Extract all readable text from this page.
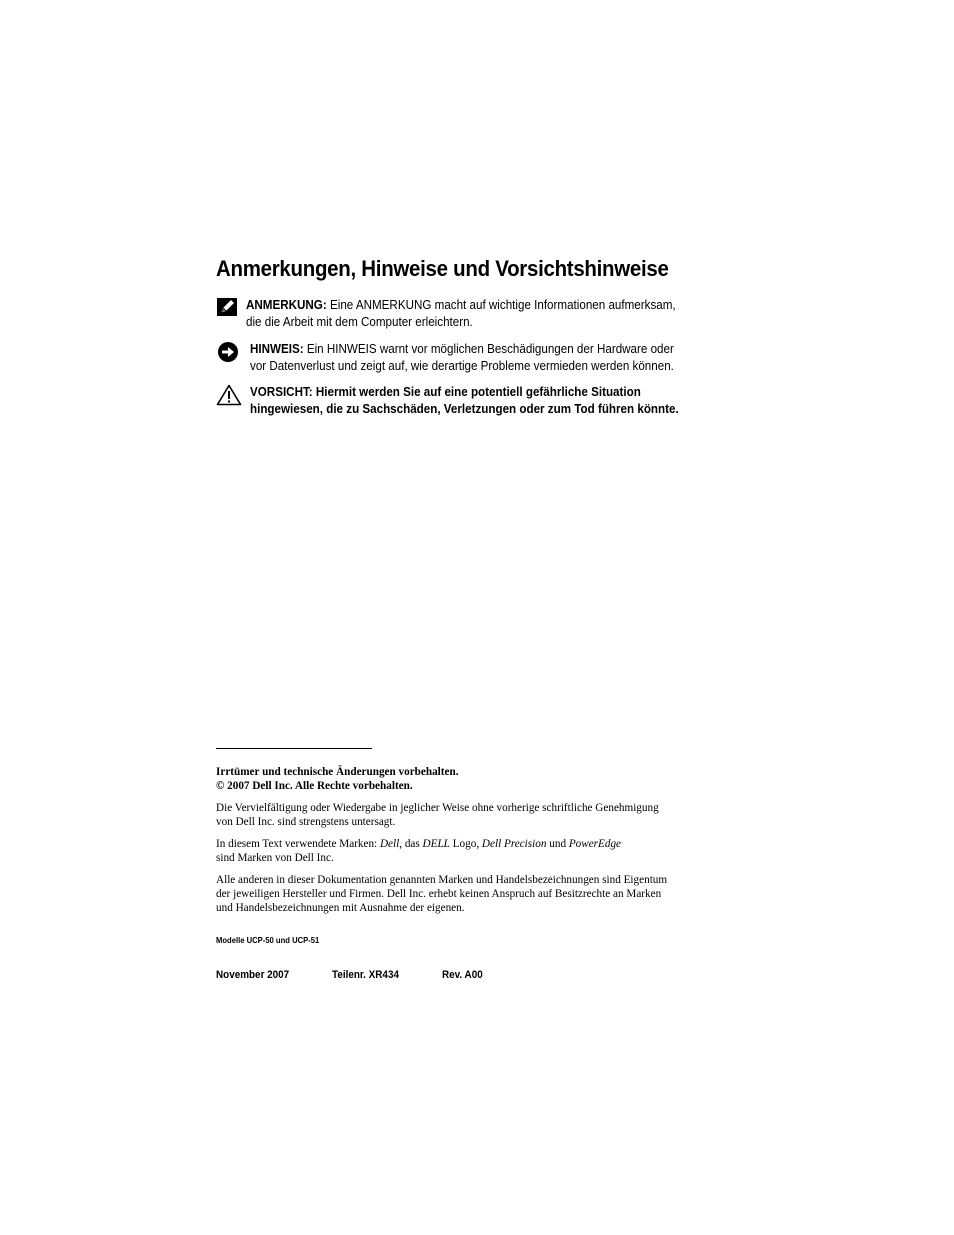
Anmerkungen, Hinweise und Vorsichtshinweise
ANMERKUNG: Eine ANMERKUNG macht auf wichtige Informationen aufmerksam,
die die Arbeit mit dem Computer erleichtern.
HINWEIS: Ein HINWEIS warnt vor möglichen Beschädigungen der Hardware oder
vor Datenverlust und zeigt auf, wie derartige Probleme vermieden werden können.
VORSICHT: Hiermit werden Sie auf eine potentiell gefährliche Situation
hingewiesen, die zu Sachschäden, Verletzungen oder zum Tod führen könnte.

Irrtümer und technische Änderungen vorbehalten.

© 2007 Dell Inc. Alle Rechte vorbehalten.

Die Vervielfältigung oder Wiedergabe in jeglicher Weise ohne vorherige schriftliche Genehmigung

von Dell Inc. sind strengstens untersagt.

In diesem Text verwendete Marken: Dell, das DELL Logo, Dell Precision und PowerEdge

sind Marken von Dell Inc.

Alle anderen in dieser Dokumentation genannten Marken und Handelsbezeichnungen sind Eigentum

der jeweiligen Hersteller und Firmen. Dell Inc. erhebt keinen Anspruch auf Besitzrechte an Marken

und Handelsbezeichnungen mit Ausnahme der eigenen.

Modelle UCP-50 und UCP-51
November 2007	Teilenr. XR434	Rev. A00
